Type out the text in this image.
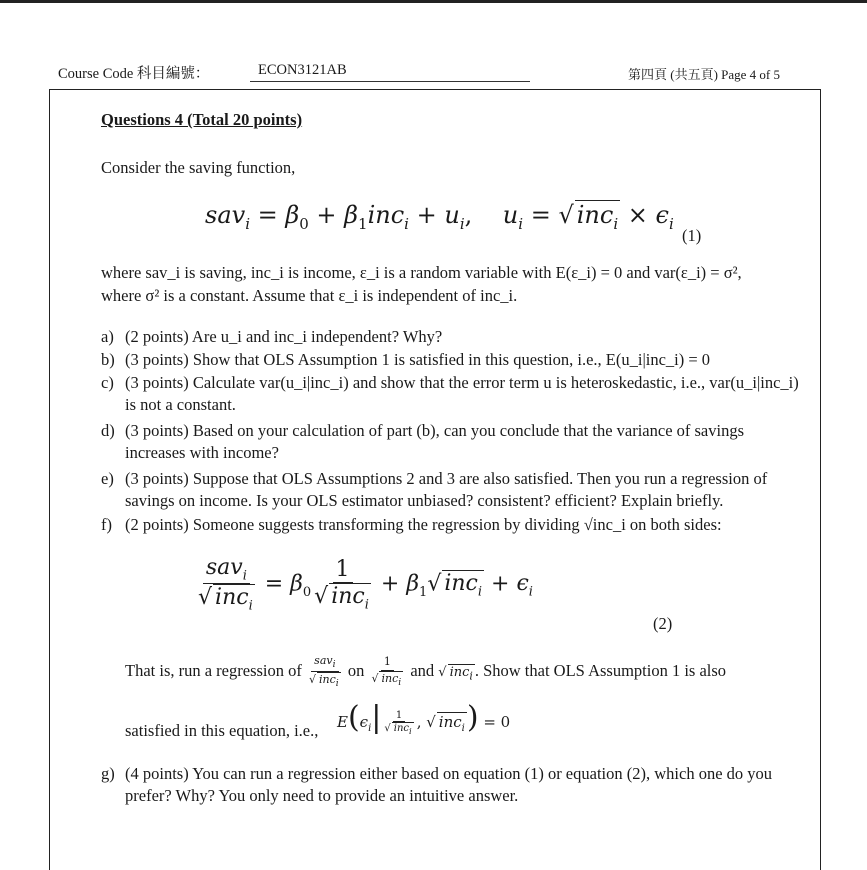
Course Code 科目編號：	ECON3121AB	第四頁 (共五頁) Page 4 of 5
Questions 4 (Total 20 points)
Consider the saving function,
$sav_i = \beta_0 + \beta_1inc_i + u_i$,    $u_i$ = √ $inc_i \times \epsilon_i$
(1)
where sav_i is saving, inc_i is income, ε_i is a random variable with E(ε_i) = 0 and var(ε_i) = σ²,
where σ² is a constant. Assume that ε_i is independent of inc_i.
a) (2 points) Are u_i and inc_i independent? Why?
b) (3 points) Show that OLS Assumption 1 is satisfied in this question, i.e., E(u_i|inc_i) = 0
c) (3 points) Calculate var(u_i|inc_i) and show that the error term u is heteroskedastic, i.e., var(u_i|inc_i) is not a constant.
d) (3 points) Based on your calculation of part (b), can you conclude that the variance of savings increases with income?
e) (3 points) Suppose that OLS Assumptions 2 and 3 are also satisfied. Then you run a regression of savings on income. Is your OLS estimator unbiased? consistent? efficient? Explain briefly.
f) (2 points) Someone suggests transforming the regression by dividing √inc_i on both sides:
$\frac{sav_i}{√ inc_i} = \beta_0 \frac{1}{√ inc_i} + \beta_1√$ $inc_i + \epsilon_i$
(2)
That is, run a regression of $\frac{sav_i}{√ inc_i}$ on $\frac{1}{√ inc_i}$ and √ inc$_i$ . Show that OLS Assumption 1 is also
satisfied in this equation, i.e., $E(\epsilon_i| \frac{1}{√ inc_i}$ , √ inc$_i$) = 0
g) (4 points) You can run a regression either based on equation (1) or equation (2), which one do you prefer? Why? You only need to provide an intuitive answer.
